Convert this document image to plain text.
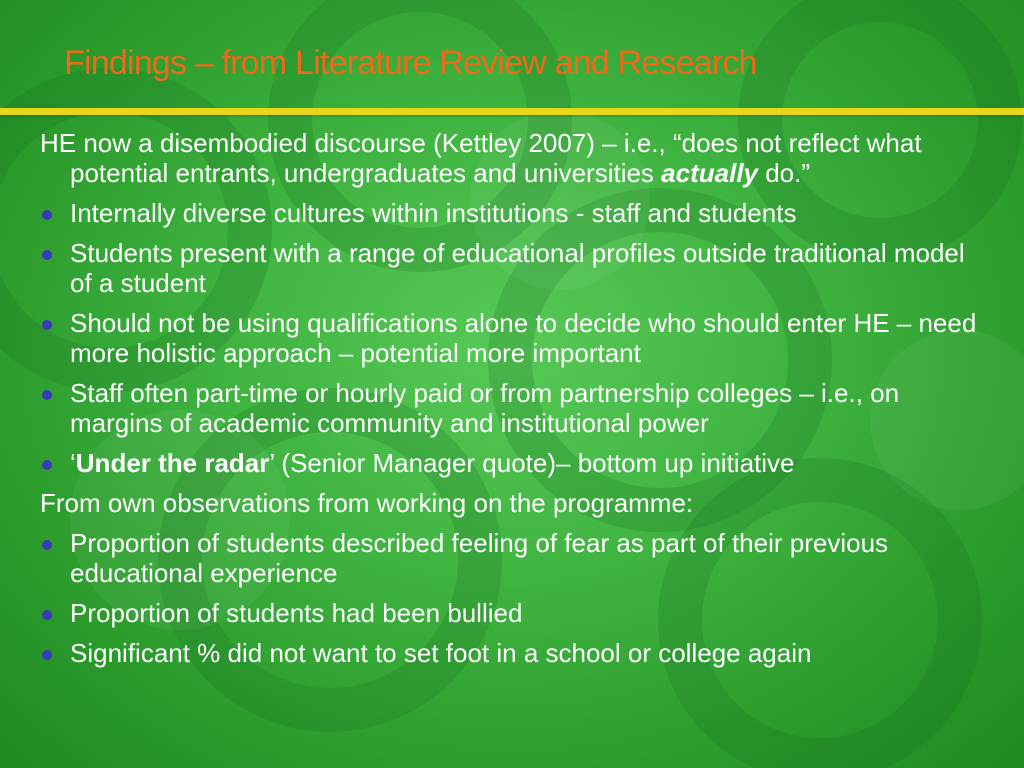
Findings – from Literature Review and Research
HE now a disembodied discourse (Kettley 2007) – i.e., “does not reflect what potential entrants, undergraduates and universities actually do.”
Internally diverse cultures within institutions - staff and students
Students present with a range of educational profiles outside traditional model of a student
Should not be using qualifications alone to decide who should enter HE – need more holistic approach – potential more important
Staff often part-time or hourly paid or from partnership colleges – i.e., on margins of academic community and institutional power
‘Under the radar’ (Senior Manager quote)– bottom up initiative
From own observations from working on the programme:
Proportion of students described feeling of fear as part of their previous educational experience
Proportion of students had been bullied
Significant % did not want to set foot in a school or college again
